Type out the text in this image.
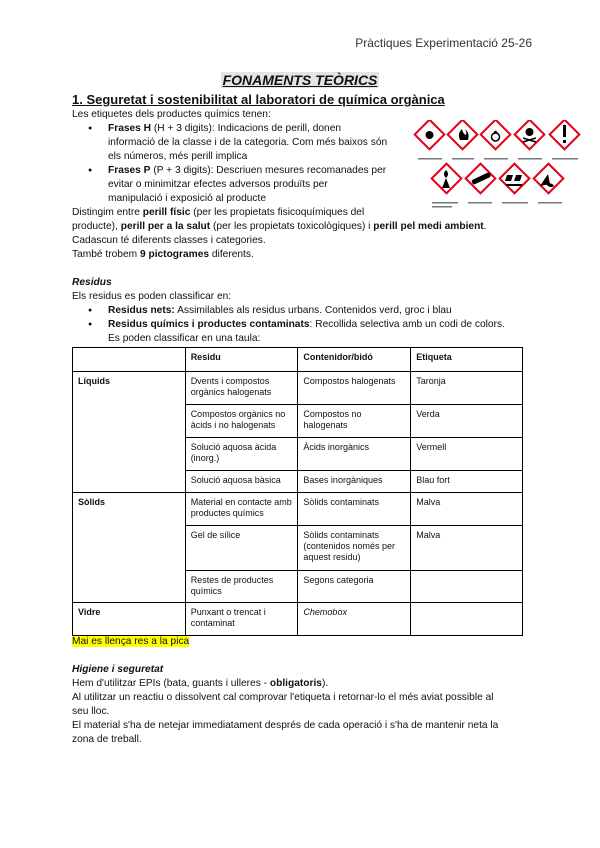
Pràctiques Experimentació 25-26
FONAMENTS TEÒRICS
1. Seguretat i sostenibilitat al laboratori de química orgànica
Les etiquetes dels productes químics tenen:
● Frases H (H + 3 digits): Indicacions de perill, donen
informació de la classe i de la categoria. Com més baixos són
els números, més perill implica
● Frases P (P + 3 digits): Descriuen mesures recomanades per
evitar o minimitzar efectes adversos produïts per
manipulació i exposició al producte
Distingim entre perill físic (per les propietats fisicoquímiques del
producte), perill per a la salut (per les propietats toxicològiques) i perill pel medi ambient.
Cadascun té diferents classes i categories.
També trobem 9 pictogrames diferents.
Residus
Els residus es poden classificar en:
● Residus nets: Assimilables als residus urbans. Contenidos verd, groc i blau
● Residus químics i productes contaminats: Recollida selectiva amb un codi de colors.
Es poden classificar en una taula:
	Residu	Contenidor/bidó	Etiqueta
Líquids	Dvents i compostos orgànics halogenats	Compostos halogenats	Taronja
	Compostos orgànics no àcids i no halogenats	Compostos no halogenats	Verda
	Solució aquosa àcida (inorg.)	Àcids inorgànics	Vermell
	Solució aquosa bàsica	Bases inorgàniques	Blau fort
Sòlids	Material en contacte amb productes químics	Sòlids contaminats	Malva
	Gel de sílice	Sòlids contaminats (contenidos només per aquest residu)	Malva
	Restes de productes químics	Segons categoria	
Vidre	Punxant o trencat i contaminat	Chemobox	
Mai es llença res a la pica
Higiene i seguretat
Hem d'utilitzar EPIs (bata, guants i ulleres - obligatoris).
Al utilitzar un reactiu o dissolvent cal comprovar l'etiqueta i retornar-lo el més aviat possible al
seu lloc.
El material s'ha de netejar immediatament després de cada operació i s'ha de mantenir neta la
zona de treball.
